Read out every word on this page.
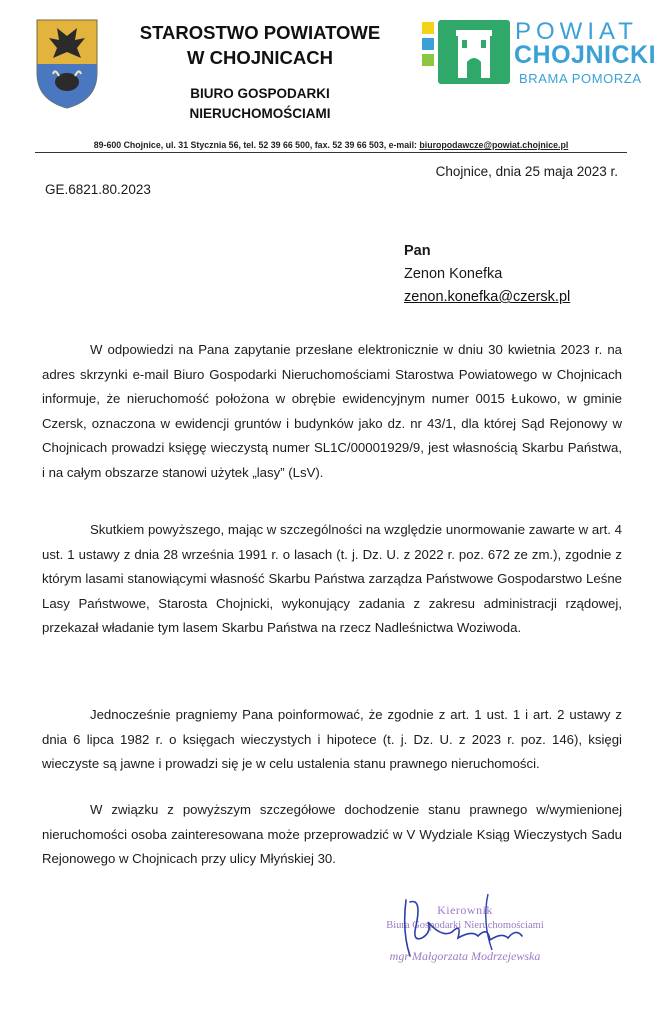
STAROSTWO POWIATOWE
W CHOJNICACH
BIURO GOSPODARKI
NIERUCHOMOŚCIAMI
POWIAT
CHOJNICKI
BRAMA POMORZA
89-600 Chojnice, ul. 31 Stycznia 56, tel. 52 39 66 500, fax. 52 39 66 503, e-mail: biuropodawcze@powiat.chojnice.pl
Chojnice, dnia 25 maja 2023 r.
GE.6821.80.2023
Pan
Zenon Konefka
zenon.konefka@czersk.pl
W odpowiedzi na Pana zapytanie przesłane elektronicznie w dniu 30 kwietnia 2023 r. na adres skrzynki e-mail Biuro Gospodarki Nieruchomościami Starostwa Powiatowego w Chojnicach informuje, że nieruchomość położona w obrębie ewidencyjnym numer 0015 Łukowo, w gminie Czersk, oznaczona w ewidencji gruntów i budynków jako dz. nr 43/1, dla której Sąd Rejonowy w Chojnicach prowadzi księgę wieczystą numer SL1C/00001929/9, jest własnością Skarbu Państwa, i na całym obszarze stanowi użytek „lasy” (LsV).
Skutkiem powyższego, mając w szczególności na względzie unormowanie zawarte w art. 4 ust. 1 ustawy z dnia 28 września 1991 r. o lasach (t. j. Dz. U. z 2022 r. poz. 672 ze zm.), zgodnie z którym lasami stanowiącymi własność Skarbu Państwa zarządza Państwowe Gospodarstwo Leśne Lasy Państwowe, Starosta Chojnicki, wykonujący zadania z zakresu administracji rządowej, przekazał władanie tym lasem Skarbu Państwa na rzecz Nadleśnictwa Woziwoda.
Jednocześnie pragniemy Pana poinformować, że zgodnie z art. 1 ust. 1 i art. 2 ustawy z dnia 6 lipca 1982 r. o księgach wieczystych i hipotece (t. j. Dz. U. z 2023 r. poz. 146), księgi wieczyste są jawne i prowadzi się je w celu ustalenia stanu prawnego nieruchomości.
W związku z powyższym szczegółowe dochodzenie stanu prawnego w/wymienionej nieruchomości osoba zainteresowana może przeprowadzić w V Wydziale Ksiąg Wieczystych Sadu Rejonowego w Chojnicach przy ulicy Młyńskiej 30.
Kierownik
Biura Gospodarki Nieruchomościami
mgr Małgorzata Modrzejewska
